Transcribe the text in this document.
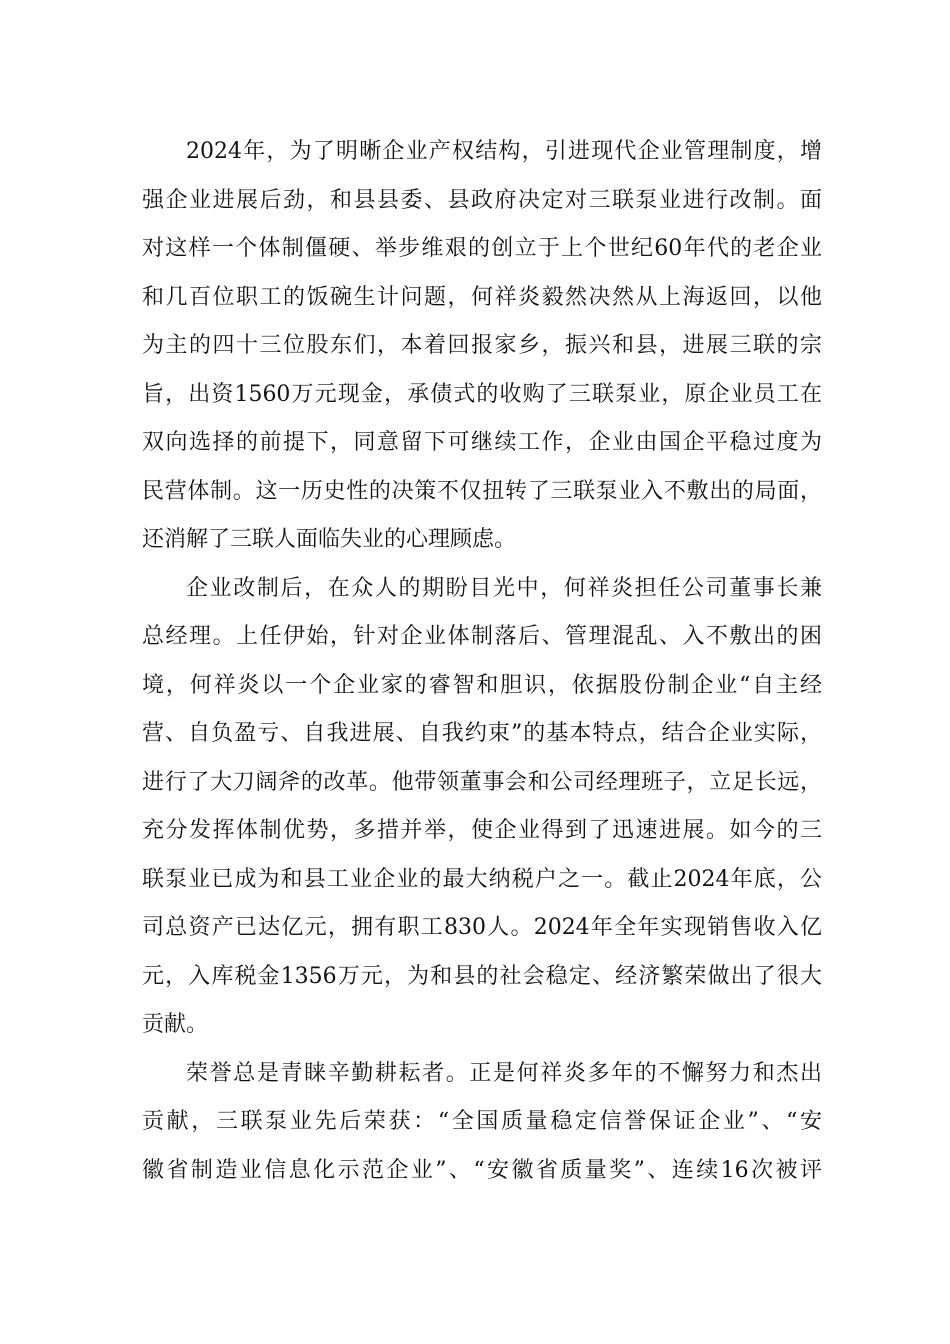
2024年，为了明晰企业产权结构，引进现代企业管理制度，增
强企业进展后劲，和县县委、县政府决定对三联泵业进行改制。面
对这样一个体制僵硬、举步维艰的创立于上个世纪60年代的老企业
和几百位职工的饭碗生计问题，何祥炎毅然决然从上海返回，以他
为主的四十三位股东们，本着回报家乡，振兴和县，进展三联的宗
旨，出资1560万元现金，承债式的收购了三联泵业，原企业员工在
双向选择的前提下，同意留下可继续工作，企业由国企平稳过度为
民营体制。这一历史性的决策不仅扭转了三联泵业入不敷出的局面，
还消解了三联人面临失业的心理顾虑。
企业改制后，在众人的期盼目光中，何祥炎担任公司董事长兼
总经理。上任伊始，针对企业体制落后、管理混乱、入不敷出的困
境，何祥炎以一个企业家的睿智和胆识，依据股份制企业“自主经
营、自负盈亏、自我进展、自我约束”的基本特点，结合企业实际，
进行了大刀阔斧的改革。他带领董事会和公司经理班子，立足长远，
充分发挥体制优势，多措并举，使企业得到了迅速进展。如今的三
联泵业已成为和县工业企业的最大纳税户之一。截止2024年底，公
司总资产已达亿元，拥有职工830人。2024年全年实现销售收入亿
元，入库税金1356万元，为和县的社会稳定、经济繁荣做出了很大
贡献。
荣誉总是青睐辛勤耕耘者。正是何祥炎多年的不懈努力和杰出
贡献，三联泵业先后荣获：“全国质量稳定信誉保证企业”、“安
徽省制造业信息化示范企业”、“安徽省质量奖”、连续16次被评
